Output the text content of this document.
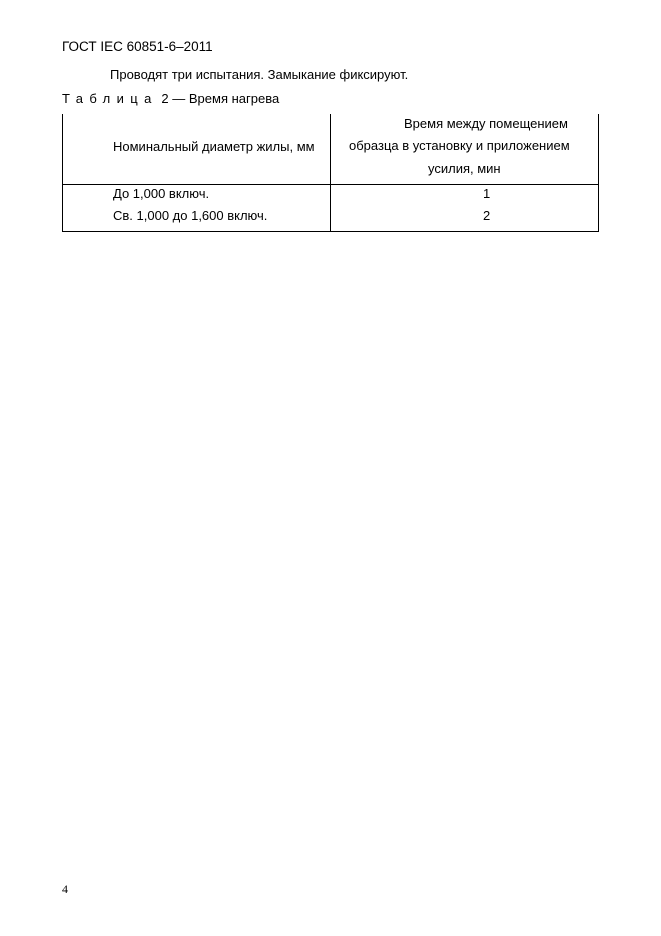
ГОСТ IEC 60851-6–2011
Проводят три испытания. Замыкание фиксируют.
Таблица 2 — Время нагрева
Номинальный диаметр жилы, мм
Время между помещением
образца в установку и приложением
усилия, мин
До 1,000 включ.	1
Св. 1,000 до 1,600 включ.	2
4
